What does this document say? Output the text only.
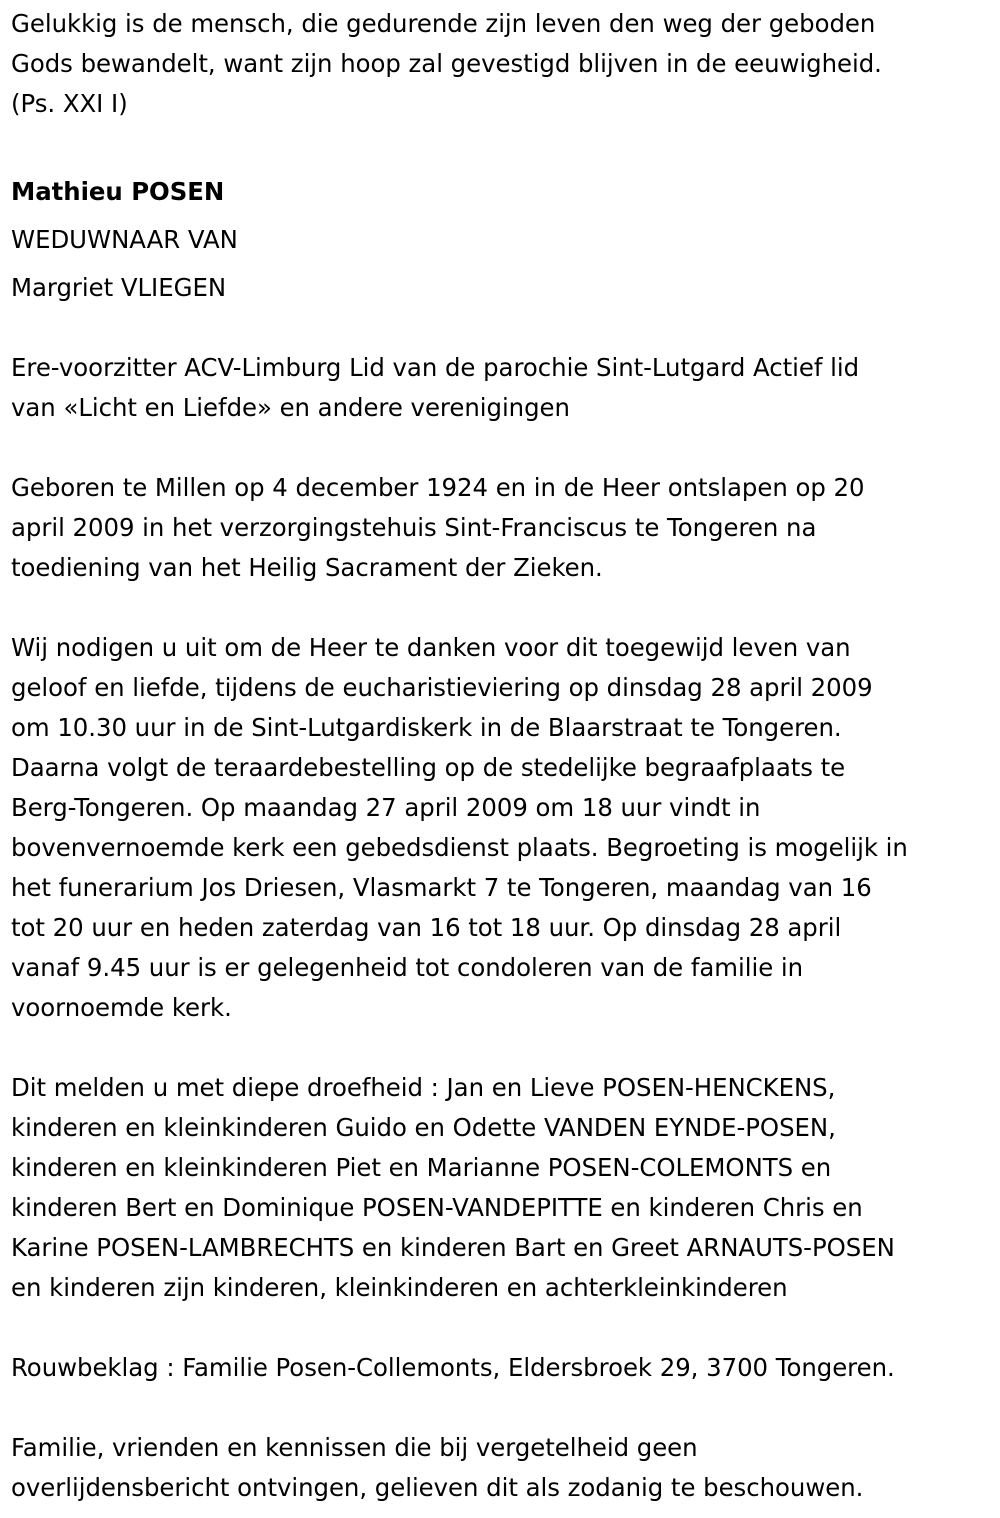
Gelukkig is de mensch, die gedurende zijn leven den weg der geboden

Gods bewandelt, want zijn hoop zal gevestigd blijven in de eeuwigheid.

(Ps. XXI I)

Mathieu POSEN

WEDUWNAAR VAN

Margriet VLIEGEN

Ere-voorzitter ACV-Limburg Lid van de parochie Sint-Lutgard Actief lid

van «Licht en Liefde» en andere verenigingen

Geboren te Millen op 4 december 1924 en in de Heer ontslapen op 20

april 2009 in het verzorgingstehuis Sint-Franciscus te Tongeren na

toediening van het Heilig Sacrament der Zieken.

Wij nodigen u uit om de Heer te danken voor dit toegewijd leven van

geloof en liefde, tijdens de eucharistieviering op dinsdag 28 april 2009

om 10.30 uur in de Sint-Lutgardiskerk in de Blaarstraat te Tongeren.

Daarna volgt de teraardebestelling op de stedelijke begraafplaats te

Berg-Tongeren. Op maandag 27 april 2009 om 18 uur vindt in

bovenvernoemde kerk een gebedsdienst plaats. Begroeting is mogelijk in

het funerarium Jos Driesen, Vlasmarkt 7 te Tongeren, maandag van 16

tot 20 uur en heden zaterdag van 16 tot 18 uur. Op dinsdag 28 april

vanaf 9.45 uur is er gelegenheid tot condoleren van de familie in

voornoemde kerk.

Dit melden u met diepe droefheid : Jan en Lieve POSEN-HENCKENS,

kinderen en kleinkinderen Guido en Odette VANDEN EYNDE-POSEN,

kinderen en kleinkinderen Piet en Marianne POSEN-COLEMONTS en

kinderen Bert en Dominique POSEN-VANDEPITTE en kinderen Chris en

Karine POSEN-LAMBRECHTS en kinderen Bart en Greet ARNAUTS-POSEN

en kinderen zijn kinderen, kleinkinderen en achterkleinkinderen

Rouwbeklag : Familie Posen-Collemonts, Eldersbroek 29, 3700 Tongeren.

Familie, vrienden en kennissen die bij vergetelheid geen

overlijdensbericht ontvingen, gelieven dit als zodanig te beschouwen.
